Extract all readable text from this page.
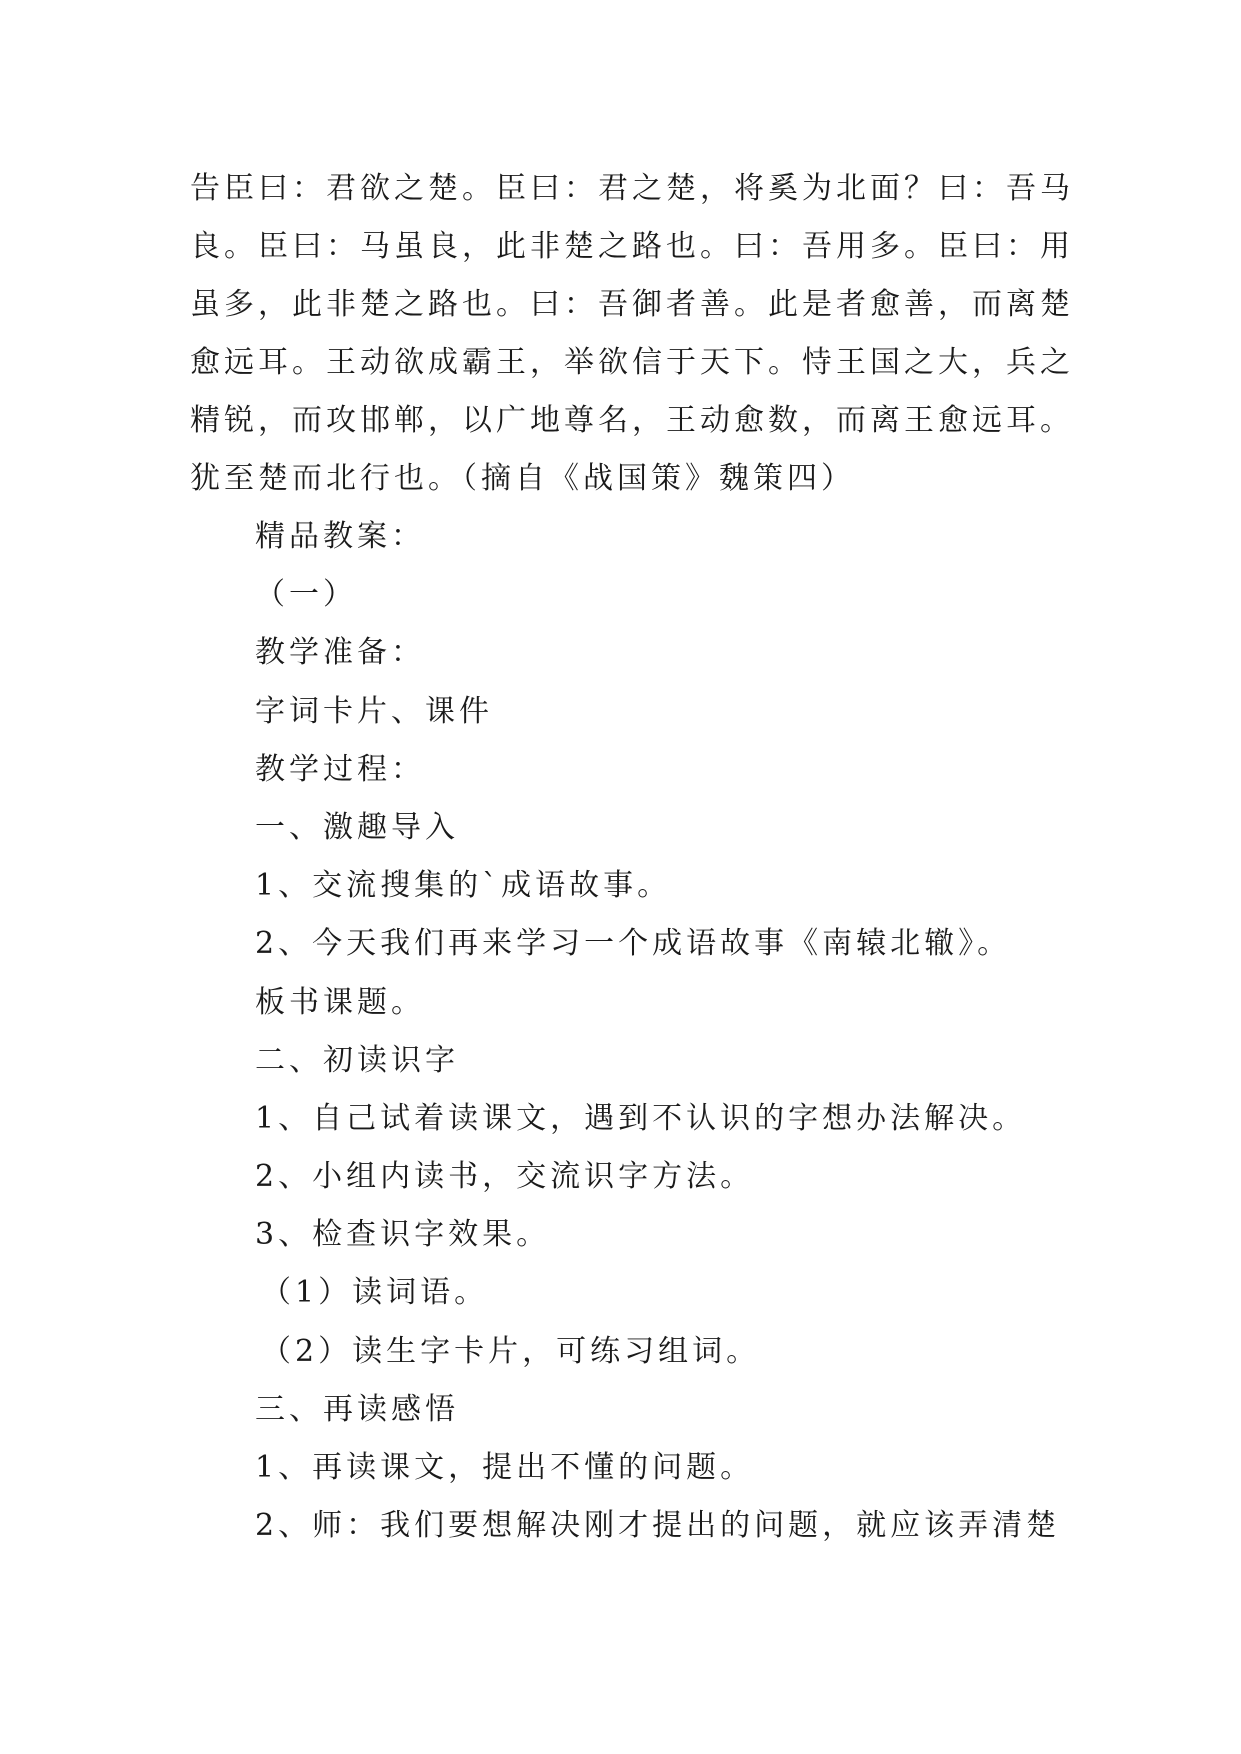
告臣曰：君欲之楚。臣曰：君之楚，将奚为北面？曰：吾马
良。臣曰：马虽良，此非楚之路也。曰：吾用多。臣曰：用
虽多，此非楚之路也。曰：吾御者善。此是者愈善，而离楚
愈远耳。王动欲成霸王，举欲信于天下。恃王国之大，兵之
精锐，而攻邯郸，以广地尊名，王动愈数，而离王愈远耳。
犹至楚而北行也。（摘自《战国策》魏策四）
精品教案：
（一）
教学准备：
字词卡片、课件
教学过程：
一、激趣导入
1、交流搜集的`成语故事。
2、今天我们再来学习一个成语故事《南辕北辙》。
板书课题。
二、初读识字
1、自己试着读课文，遇到不认识的字想办法解决。
2、小组内读书，交流识字方法。
3、检查识字效果。
（1）读词语。
（2）读生字卡片，可练习组词。
三、再读感悟
1、再读课文，提出不懂的问题。
2、师：我们要想解决刚才提出的问题，就应该弄清楚
